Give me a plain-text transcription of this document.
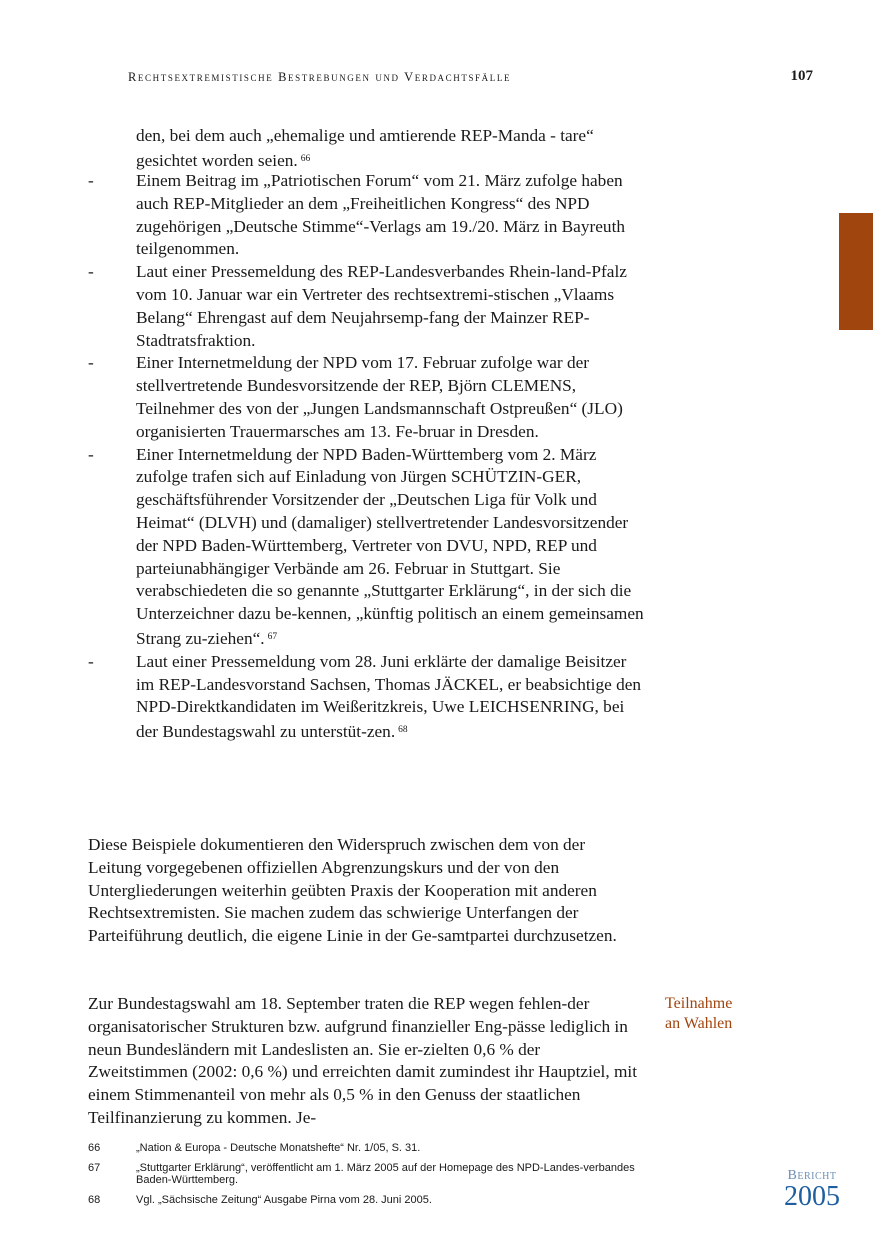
Rechtsextremistische Bestrebungen und Verdachtsfälle	107
den, bei dem auch „ehemalige und amtierende REP-Manda - tare“ gesichtet worden seien. $^{66}$
- Einem Beitrag im „Patriotischen Forum“ vom 21. März zufolge haben auch REP-Mitglieder an dem „Freiheitlichen Kongress“ des NPD zugehörigen „Deutsche Stimme“-Verlags am 19./20. März in Bayreuth teilgenommen.
- Laut einer Pressemeldung des REP-Landesverbandes Rhein-land-Pfalz vom 10. Januar war ein Vertreter des rechtsextremi-stischen „Vlaams Belang“ Ehrengast auf dem Neujahrsemp-fang der Mainzer REP-Stadtratsfraktion.
- Einer Internetmeldung der NPD vom 17. Februar zufolge war der stellvertretende Bundesvorsitzende der REP, Björn CLEMENS, Teilnehmer des von der „Jungen Landsmannschaft Ostpreußen“ (JLO) organisierten Trauermarsches am 13. Fe-bruar in Dresden.
- Einer Internetmeldung der NPD Baden-Württemberg vom 2. März zufolge trafen sich auf Einladung von Jürgen SCHÜTZIN-GER, geschäftsführender Vorsitzender der „Deutschen Liga für Volk und Heimat“ (DLVH) und (damaliger) stellvertretender Landesvorsitzender der NPD Baden-Württemberg, Vertreter von DVU, NPD, REP und parteiunabhängiger Verbände am 26. Februar in Stuttgart. Sie verabschiedeten die so genannte „Stuttgarter Erklärung“, in der sich die Unterzeichner dazu be-kennen, „künftig politisch an einem gemeinsamen Strang zu-ziehen“. $^{67}$
- Laut einer Pressemeldung vom 28. Juni erklärte der damalige Beisitzer im REP-Landesvorstand Sachsen, Thomas JÄCKEL, er beabsichtige den NPD-Direktkandidaten im Weißeritzkreis, Uwe LEICHSENRING, bei der Bundestagswahl zu unterstüt-zen. $^{68}$

Diese Beispiele dokumentieren den Widerspruch zwischen dem von der Leitung vorgegebenen offiziellen Abgrenzungskurs und der von den Untergliederungen weiterhin geübten Praxis der Kooperation mit anderen Rechtsextremisten. Sie machen zudem das schwierige Unterfangen der Parteiführung deutlich, die eigene Linie in der Ge-samtpartei durchzusetzen.

Zur Bundestagswahl am 18. September traten die REP wegen fehlen-der organisatorischer Strukturen bzw. aufgrund finanzieller Eng-pässe lediglich in neun Bundesländern mit Landeslisten an. Sie er-zielten 0,6 % der Zweitstimmen (2002: 0,6 %) und erreichten damit zumindest ihr Hauptziel, mit einem Stimmenanteil von mehr als 0,5 % in den Genuss der staatlichen Teilfinanzierung zu kommen. Je-

Teilnahme
an Wahlen
66	„Nation & Europa - Deutsche Monatshefte“ Nr. 1/05, S. 31.
67	„Stuttgarter Erklärung“, veröffentlicht am 1. März 2005 auf der Homepage des NPD-Landes-verbandes Baden-Württemberg.
68	Vgl. „Sächsische Zeitung“ Ausgabe Pirna vom 28. Juni 2005.
Bericht
2005
